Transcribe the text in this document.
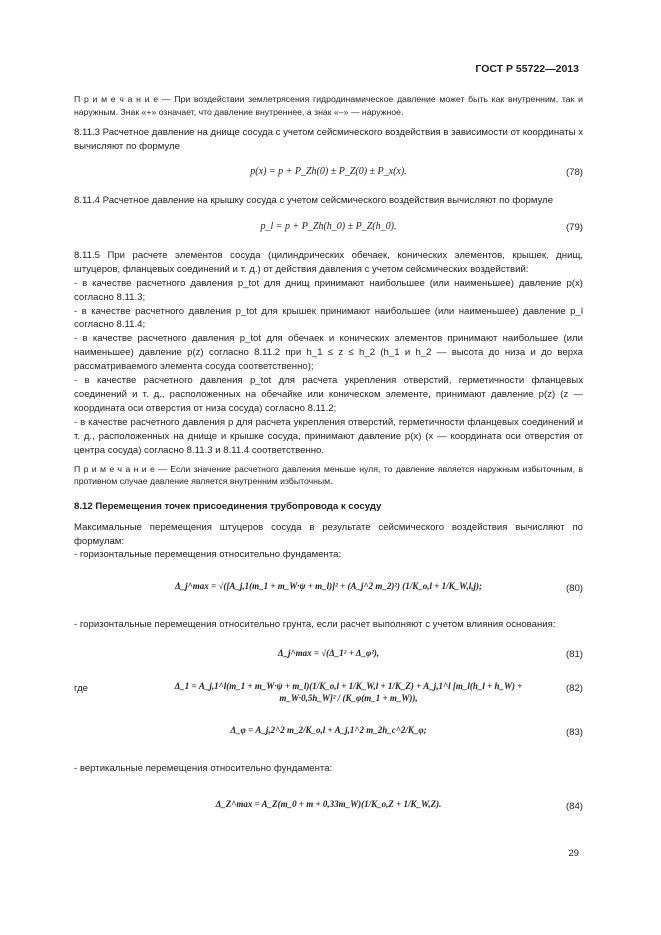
ГОСТ Р 55722—2013

П р и м е ч а н и е — При воздействии землетрясения гидродинамическое давление может быть как внутренним, так и наружным. Знак «+» означает, что давление внутреннее, а знак «–» — наружное.

8.11.3 Расчетное давление на днище сосуда с учетом сейсмического воздействия в зависимости от координаты x вычисляют по формуле

p(x) = p + P_Zh(0) ± P_Z(0) ± P_x(x).	(78)

8.11.4 Расчетное давление на крышку сосуда с учетом сейсмического воздействия вычисляют по формуле

p_l = p + P_Zh(h_0) ± P_Z(h_0).	(79)

8.11.5 При расчете элементов сосуда (цилиндрических обечаек, конических элементов, крышек, днищ, штуцеров, фланцевых соединений и т. д.) от действия давления с учетом сейсмических воздействий:

- в качестве расчетного давления p_tot для днищ принимают наибольшее (или наименьшее) давление p(x) согласно 8.11.3;

- в качестве расчетного давления p_tot для крышек принимают наибольшее (или наименьшее) давление p_l согласно 8.11.4;

- в качестве расчетного давления p_tot для обечаек и конических элементов принимают наибольшее (или наименьшее) давление p(z) согласно 8.11.2 при h_1 ≤ z ≤ h_2 (h_1 и h_2 — высота до низа и до верха рассматриваемого элемента сосуда соответственно);

- в качестве расчетного давления p_tot для расчета укрепления отверстий, герметичности фланцевых соединений и т. д., расположенных на обечайке или коническом элементе, принимают давление p(z) (z — координата оси отверстия от низа сосуда) согласно 8.11.2;

- в качестве расчетного давления p для расчета укрепления отверстий, герметичности фланцевых соединений и т. д., расположенных на днище и крышке сосуда, принимают давление p(x) (x — координата оси отверстия от центра сосуда) согласно 8.11.3 и 8.11.4 соответственно.

П р и м е ч а н и е — Если значение расчетного давления меньше нуля, то давление является наружным избыточным, в противном случае давление является внутренним избыточным.

8.12 Перемещения точек присоединения трубопровода к сосуду

Максимальные перемещения штуцеров сосуда в результате сейсмического воздействия вычисляют по формулам:

- горизонтальные перемещения относительно фундамента:

Δ_j^max = √([A_j,1(m_1 + m_W·ψ + m_l)]² + (A_j^2 m_2)²) (1/K_o,l + 1/K_W,l,j);	(80)

- горизонтальные перемещения относительно грунта, если расчет выполняют с учетом влияния основания:

Δ_j^max = √(Δ_1² + Δ_φ²),	(81)
где	Δ_1 = A_j,1^l(m_1 + m_W·ψ + m_l)(1/K_o,l + 1/K_W,l + 1/K_Z) + A_j,1^l [m_l(h_l + h_W) + m_W·0,5h_W]² / (K_φ(m_1 + m_W)),
(82)
Δ_φ = A_j,2^2 m_2/K_o,l + A_j,1^2 m_2h_c^2/K_φ;	(83)

- вертикальные перемещения относительно фундамента:

Δ_Z^max = A_Z(m_0 + m + 0,33m_W)(1/K_o,Z + 1/K_W,Z).	(84)
29
